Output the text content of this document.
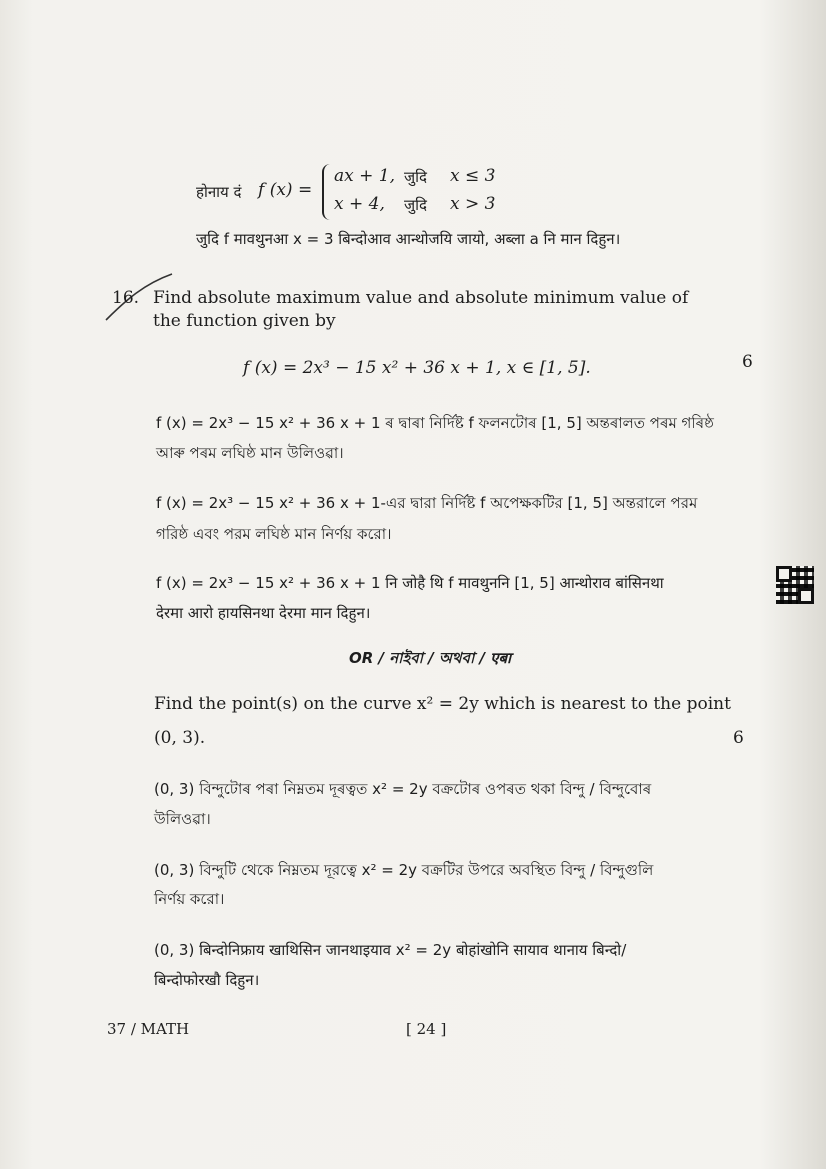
होनाय दं f (x) =
ax + 1, जुदि x ≤ 3
x + 4, जुदि x > 3
जुदि f मावथुनआ x = 3 बिन्दोआव आन्थोजयि जायो, अब्ला a नि मान दिहुन।
16. Find absolute maximum value and absolute minimum value of
the function given by
f (x) = 2x³ − 15 x² + 36 x + 1, x ∈ [1, 5].	6
f (x) = 2x³ − 15 x² + 36 x + 1 ৰ দ্বাৰা নিৰ্দিষ্ট f ফলনটোৰ [1, 5] অন্তৰালত পৰম গৰিষ্ঠ
আৰু পৰম লঘিষ্ঠ মান উলিওৱা।
f (x) = 2x³ − 15 x² + 36 x + 1-এর দ্বারা নির্দিষ্ট f অপেক্ষকটির [1, 5] অন্তরালে পরম
গরিষ্ঠ এবং পরম লঘিষ্ঠ মান নির্ণয় করো।
f (x) = 2x³ − 15 x² + 36 x + 1 नि जोहै थि f मावथुननि [1, 5] आन्थोराव बांसिनथा
देरमा आरो हायसिनथा देरमा मान दिहुन।
OR / নাইবা / অথবা / एबा
Find the point(s) on the curve x² = 2y which is nearest to the point
(0, 3).	6
(0, 3) বিন্দুটোৰ পৰা নিম্নতম দূৰত্বত x² = 2y বক্ৰটোৰ ওপৰত থকা বিন্দু / বিন্দুবোৰ
উলিওৱা।
(0, 3) বিন্দুটি থেকে নিম্নতম দূরত্বে x² = 2y বক্রটির উপরে অবস্থিত বিন্দু / বিন্দুগুলি
নির্ণয় করো।
(0, 3) बिन्दोनिफ्राय खाथिसिन जानथाइयाव x² = 2y बोहांखोनि सायाव थानाय बिन्दो/
बिन्दोफोरखौ दिहुन।
37 / MATH	[ 24 ]
